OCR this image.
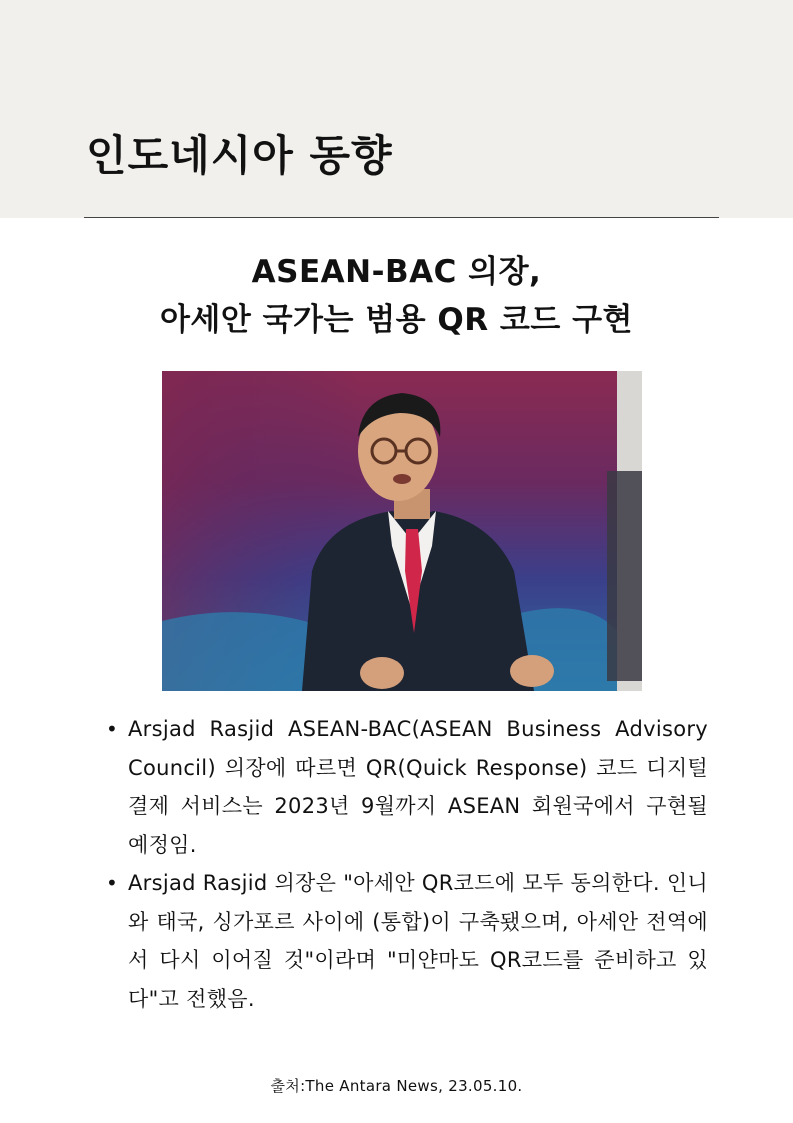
인도네시아 동향
ASEAN-BAC 의장,
아세안 국가는 범용 QR 코드 구현
• Arsjad Rasjid ASEAN-BAC(ASEAN Business Advisory Council) 의장에 따르면 QR(Quick Response) 코드 디지털 결제 서비스는 2023년 9월까지 ASEAN 회원국에서 구현될 예정임.
• Arsjad Rasjid 의장은 "아세안 QR코드에 모두 동의한다. 인니와 태국, 싱가포르 사이에 (통합)이 구축됐으며, 아세안 전역에서 다시 이어질 것"이라며 "미얀마도 QR코드를 준비하고 있다"고 전했음.
출처:The Antara News, 23.05.10.
